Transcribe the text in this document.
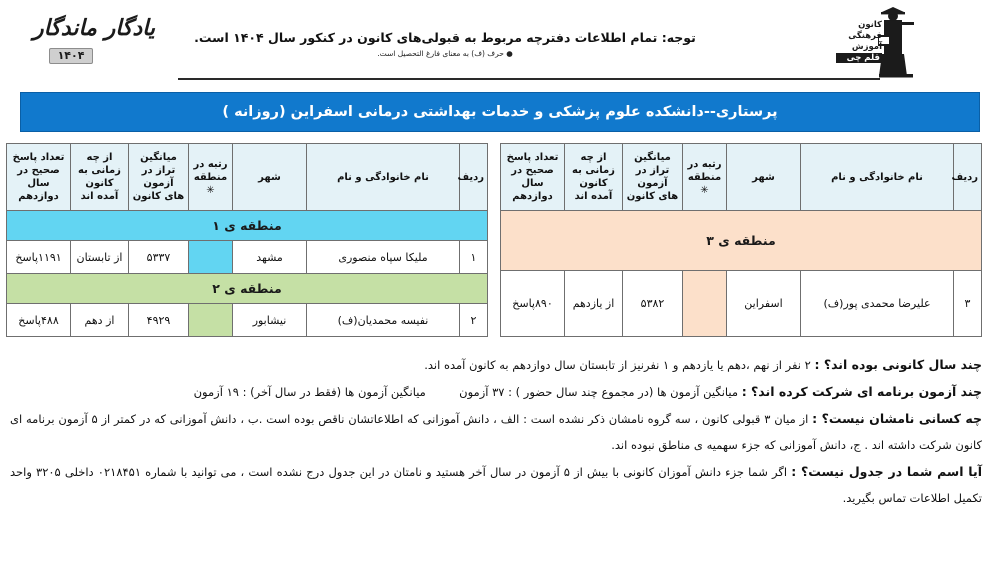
کانون
فرهنگی
آموزش
قلم چی
توجه: تمام اطلاعات دفترچه مربوط به قبولی‌های کانون در کنکور سال ۱۴۰۴ است.
● حرف (ف) به معنای فارغ التحصیل است.
یادگار ماندگار
۱۴۰۴
پرستاری--دانشکده علوم پزشکی و خدمات بهداشتی درمانی اسفراین (روزانه )
ردیف	نام خانوادگی و نام	شهر	رتبه در منطقه ✳	میانگین تراز در آزمون های کانون	از چه زمانی به کانون آمده اند	تعداد پاسخ صحیح در سال دوازدهم
منطقه ی ۳						
۳	علیرضا محمدی پور(ف)	اسفراین		۵۳۸۲	از یازدهم	۸۹۰پاسخ
ردیف	نام خانوادگی و نام	شهر	رتبه در منطقه ✳	میانگین تراز در آزمون های کانون	از چه زمانی به کانون آمده اند	تعداد پاسخ صحیح در سال دوازدهم
منطقه ی ۱						
۱	ملیکا سپاه منصوری	مشهد		۵۳۳۷	از تابستان	۱۱۹۱پاسخ
منطقه ی ۲						
۲	نفیسه محمدیان(ف)	نیشابور		۴۹۲۹	از دهم	۴۸۸پاسخ

چند سال کانونی بوده اند؟ : ۲ نفر از نهم ،دهم یا یازدهم و ۱ نفرنیز از تابستان سال دوازدهم به کانون آمده اند.

چند آزمون برنامه ای شرکت کرده اند؟ : میانگین آزمون ها (در مجموع چند سال حضور ) : ۳۷ آزمون  میانگین آزمون ها (فقط در سال آخر) : ۱۹ آزمون

چه کسانی نامشان نیست؟ : از میان ۳ قبولی کانون ، سه گروه نامشان ذکر نشده است : الف ، دانش آموزانی که اطلاعاتشان ناقص بوده است .ب ، دانش آموزانی که در کمتر از ۵ آزمون برنامه ای

کانون شرکت داشته اند . ج، دانش آموزانی که جزء سهمیه ی مناطق نبوده اند.

آیا اسم شما در جدول نیست؟ : اگر شما جزء دانش آموزان کانونی با بیش از ۵ آزمون در سال آخر هستید و نامتان در این جدول درج نشده است ، می توانید با شماره ۰۲۱۸۴۵۱ داخلی ۳۲۰۵ واحد

تکمیل اطلاعات تماس بگیرید.
